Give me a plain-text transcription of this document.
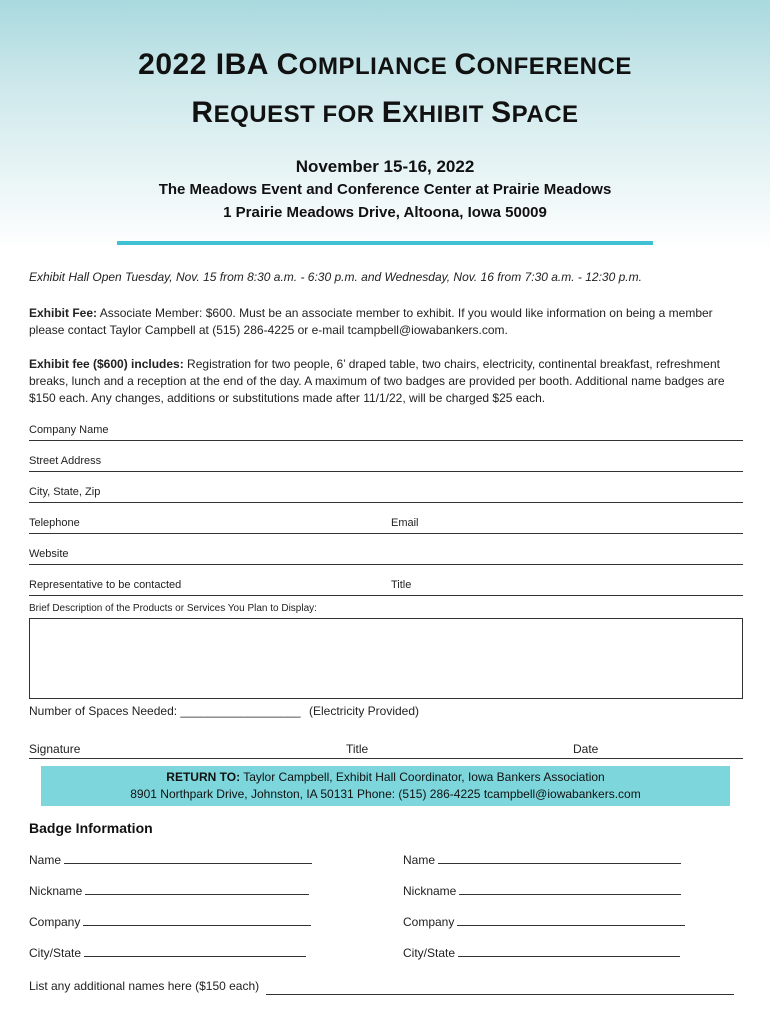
2022 IBA COMPLIANCE CONFERENCE
REQUEST FOR EXHIBIT SPACE
November 15-16, 2022
The Meadows Event and Conference Center at Prairie Meadows
1 Prairie Meadows Drive, Altoona, Iowa 50009
Exhibit Hall Open Tuesday, Nov. 15 from 8:30 a.m. - 6:30 p.m. and Wednesday, Nov. 16 from 7:30 a.m. - 12:30 p.m.
Exhibit Fee: Associate Member: $600. Must be an associate member to exhibit. If you would like information on being a member please contact Taylor Campbell at (515) 286-4225 or e-mail tcampbell@iowabankers.com.
Exhibit fee ($600) includes: Registration for two people, 6’ draped table, two chairs, electricity, continental breakfast, refreshment breaks, lunch and a reception at the end of the day. A maximum of two badges are provided per booth. Additional name badges are $150 each. Any changes, additions or substitutions made after 11/1/22, will be charged $25 each.
Company Name
Street Address
City, State, Zip
Telephone	Email
Website
Representative to be contacted	Title
Brief Description of the Products or Services You Plan to Display:
Number of Spaces Needed: __________________ (Electricity Provided)
Signature	Title	Date
RETURN TO: Taylor Campbell, Exhibit Hall Coordinator, Iowa Bankers Association
8901 Northpark Drive, Johnston, IA 50131 Phone: (515) 286-4225 tcampbell@iowabankers.com
Badge Information
Name	Name
Nickname	Nickname
Company	Company
City/State	City/State
List any additional names here ($150 each)
